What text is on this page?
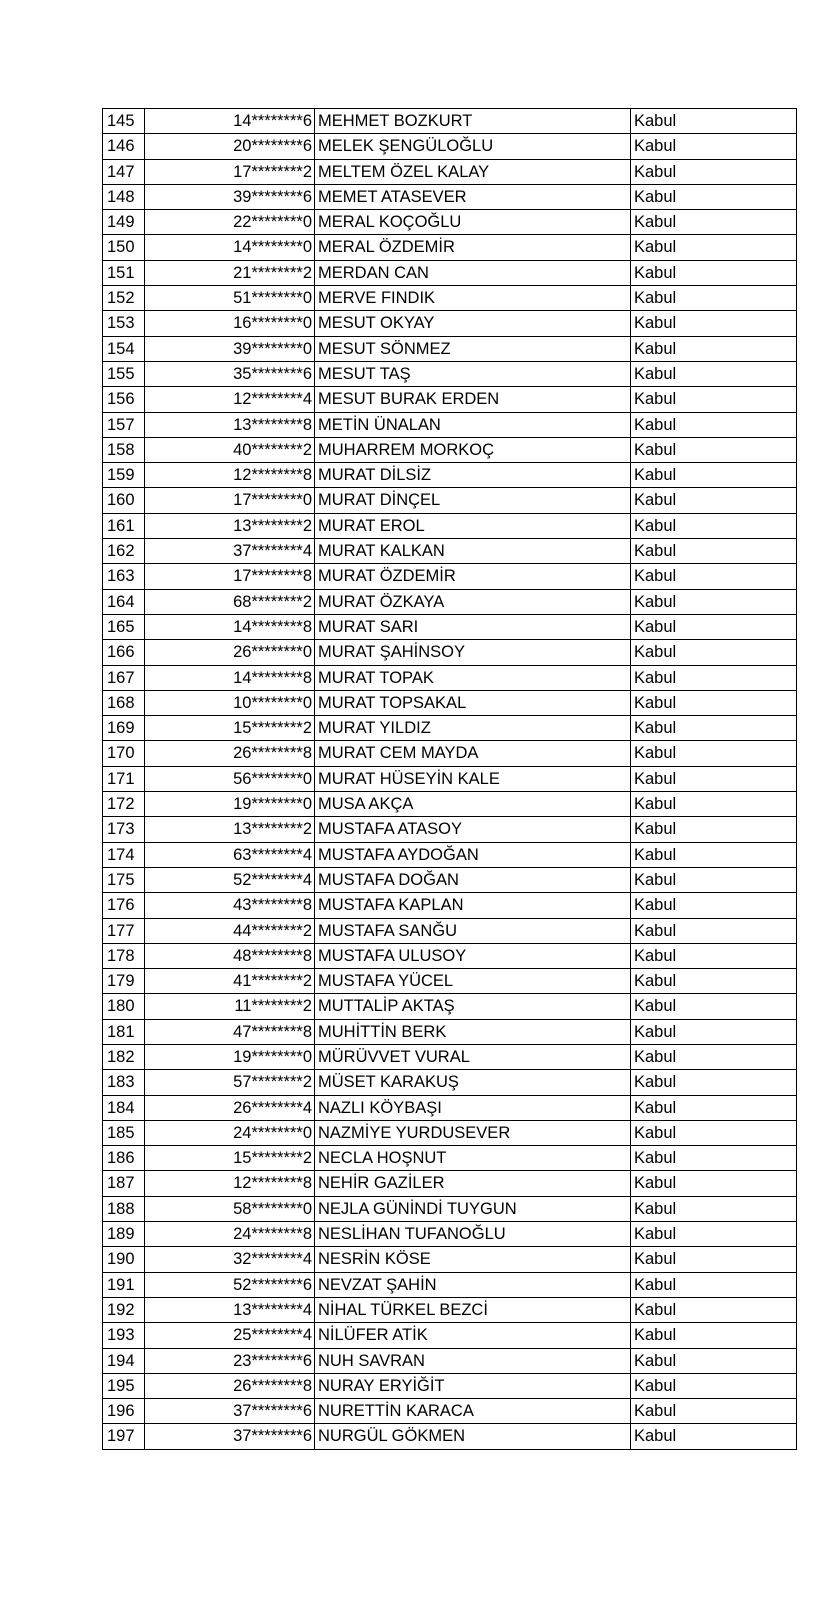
145	14********6	MEHMET BOZKURT	Kabul
146	20********6	MELEK ŞENGÜLOĞLU	Kabul
147	17********2	MELTEM ÖZEL KALAY	Kabul
148	39********6	MEMET ATASEVER	Kabul
149	22********0	MERAL KOÇOĞLU	Kabul
150	14********0	MERAL ÖZDEMİR	Kabul
151	21********2	MERDAN CAN	Kabul
152	51********0	MERVE FINDIK	Kabul
153	16********0	MESUT OKYAY	Kabul
154	39********0	MESUT SÖNMEZ	Kabul
155	35********6	MESUT TAŞ	Kabul
156	12********4	MESUT BURAK ERDEN	Kabul
157	13********8	METİN ÜNALAN	Kabul
158	40********2	MUHARREM MORKOÇ	Kabul
159	12********8	MURAT DİLSİZ	Kabul
160	17********0	MURAT DİNÇEL	Kabul
161	13********2	MURAT EROL	Kabul
162	37********4	MURAT KALKAN	Kabul
163	17********8	MURAT ÖZDEMİR	Kabul
164	68********2	MURAT ÖZKAYA	Kabul
165	14********8	MURAT SARI	Kabul
166	26********0	MURAT ŞAHİNSOY	Kabul
167	14********8	MURAT TOPAK	Kabul
168	10********0	MURAT TOPSAKAL	Kabul
169	15********2	MURAT YILDIZ	Kabul
170	26********8	MURAT CEM MAYDA	Kabul
171	56********0	MURAT HÜSEYİN KALE	Kabul
172	19********0	MUSA AKÇA	Kabul
173	13********2	MUSTAFA ATASOY	Kabul
174	63********4	MUSTAFA AYDOĞAN	Kabul
175	52********4	MUSTAFA DOĞAN	Kabul
176	43********8	MUSTAFA KAPLAN	Kabul
177	44********2	MUSTAFA SANĞU	Kabul
178	48********8	MUSTAFA ULUSOY	Kabul
179	41********2	MUSTAFA YÜCEL	Kabul
180	11********2	MUTTALİP AKTAŞ	Kabul
181	47********8	MUHİTTİN BERK	Kabul
182	19********0	MÜRÜVVET VURAL	Kabul
183	57********2	MÜSET KARAKUŞ	Kabul
184	26********4	NAZLI KÖYBAŞI	Kabul
185	24********0	NAZMİYE YURDUSEVER	Kabul
186	15********2	NECLA HOŞNUT	Kabul
187	12********8	NEHİR GAZİLER	Kabul
188	58********0	NEJLA GÜNİNDİ TUYGUN	Kabul
189	24********8	NESLİHAN TUFANOĞLU	Kabul
190	32********4	NESRİN KÖSE	Kabul
191	52********6	NEVZAT ŞAHİN	Kabul
192	13********4	NİHAL TÜRKEL BEZCİ	Kabul
193	25********4	NİLÜFER ATİK	Kabul
194	23********6	NUH SAVRAN	Kabul
195	26********8	NURAY ERYİĞİT	Kabul
196	37********6	NURETTİN KARACA	Kabul
197	37********6	NURGÜL GÖKMEN	Kabul
